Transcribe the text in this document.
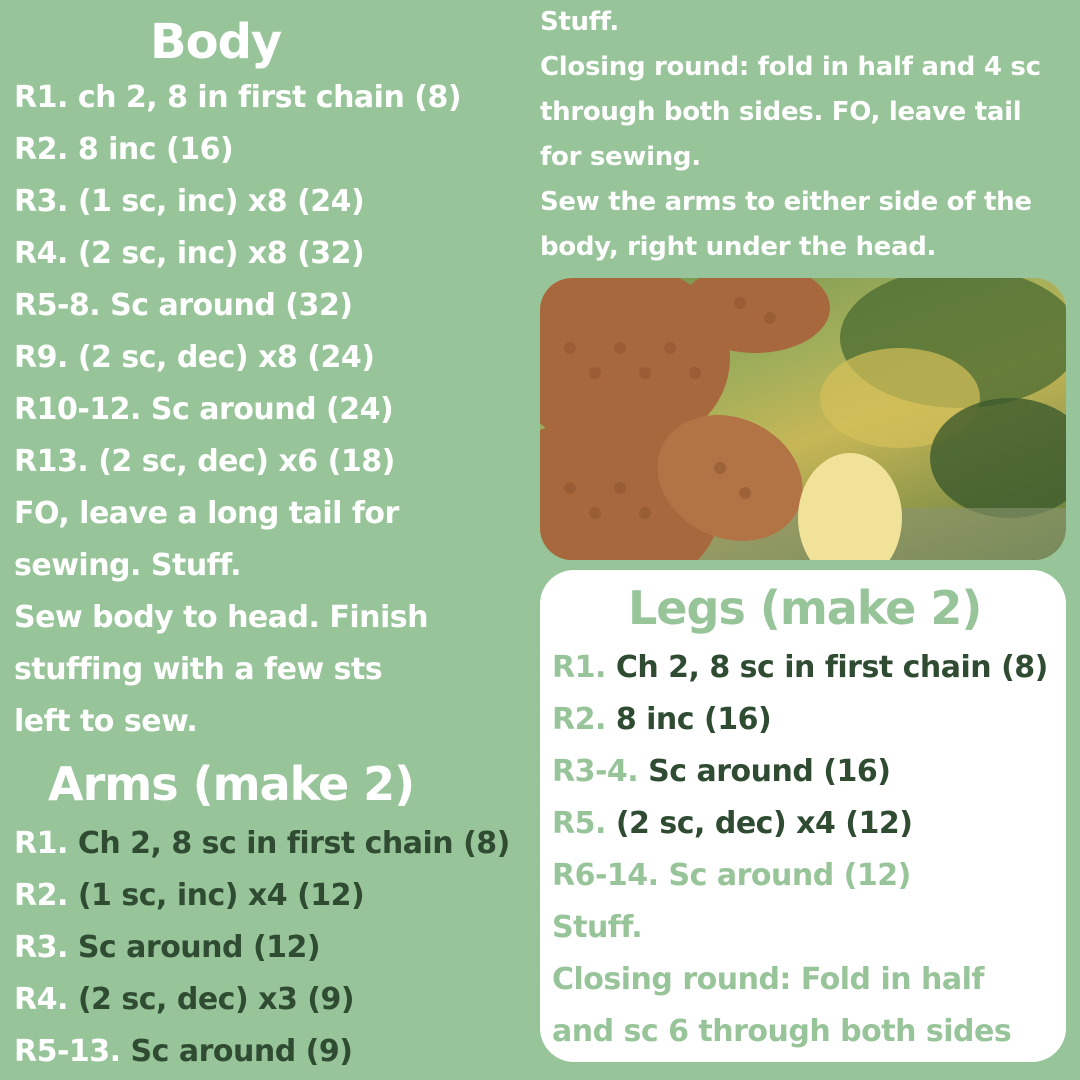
Body

R1. ch 2, 8 in first chain (8)

R2. 8 inc (16)

R3. (1 sc, inc) x8 (24)

R4. (2 sc, inc) x8 (32)

R5-8. Sc around (32)

R9. (2 sc, dec) x8 (24)

R10-12. Sc around (24)

R13. (2 sc, dec) x6 (18)

FO, leave a long tail for

sewing. Stuff.

Sew body to head. Finish

stuffing with a few sts

left to sew.

Arms (make 2)

R1. Ch 2, 8 sc in first chain (8)

R2. (1 sc, inc) x4 (12)

R3. Sc around (12)

R4. (2 sc, dec) x3 (9)

R5-13. Sc around (9)

Stuff.

Closing round: fold in half and 4 sc

through both sides. FO, leave tail

for sewing.

Sew the arms to either side of the

body, right under the head.

Legs (make 2)

R1. Ch 2, 8 sc in first chain (8)

R2. 8 inc (16)

R3-4. Sc around (16)

R5. (2 sc, dec) x4 (12)

R6-14. Sc around (12)

Stuff.

Closing round: Fold in half

and sc 6 through both sides
